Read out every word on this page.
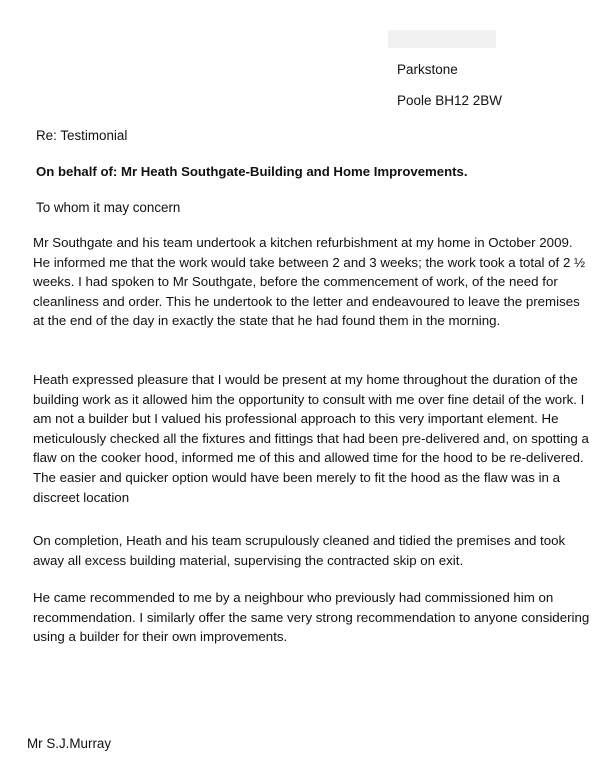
Parkstone
Poole BH12 2BW
Re: Testimonial
On behalf of: Mr Heath Southgate-Building and Home Improvements.
To whom it may concern
Mr Southgate and his team undertook a kitchen refurbishment at my home in October 2009. He informed me that the work would take between 2 and 3 weeks; the work took a total of 2 ½ weeks. I had spoken to Mr Southgate, before the commencement of work, of the need for cleanliness and order. This he undertook to the letter and endeavoured to leave the premises at the end of the day in exactly the state that he had found them in the morning.
Heath expressed pleasure that I would be present at my home throughout the duration of the building work as it allowed him the opportunity to consult with me over fine detail of the work. I am not a builder but I valued his professional approach to this very important element. He meticulously checked all the fixtures and fittings that had been pre-delivered and, on spotting a flaw on the cooker hood, informed me of this and allowed time for the hood to be re-delivered. The easier and quicker option would have been merely to fit the hood as the flaw was in a discreet location
On completion, Heath and his team scrupulously cleaned and tidied the premises and took away all excess building material, supervising the contracted skip on exit.
He came recommended to me by a neighbour who previously had commissioned him on recommendation. I similarly offer the same very strong recommendation to anyone considering using a builder for their own improvements.
Mr S.J.Murray
